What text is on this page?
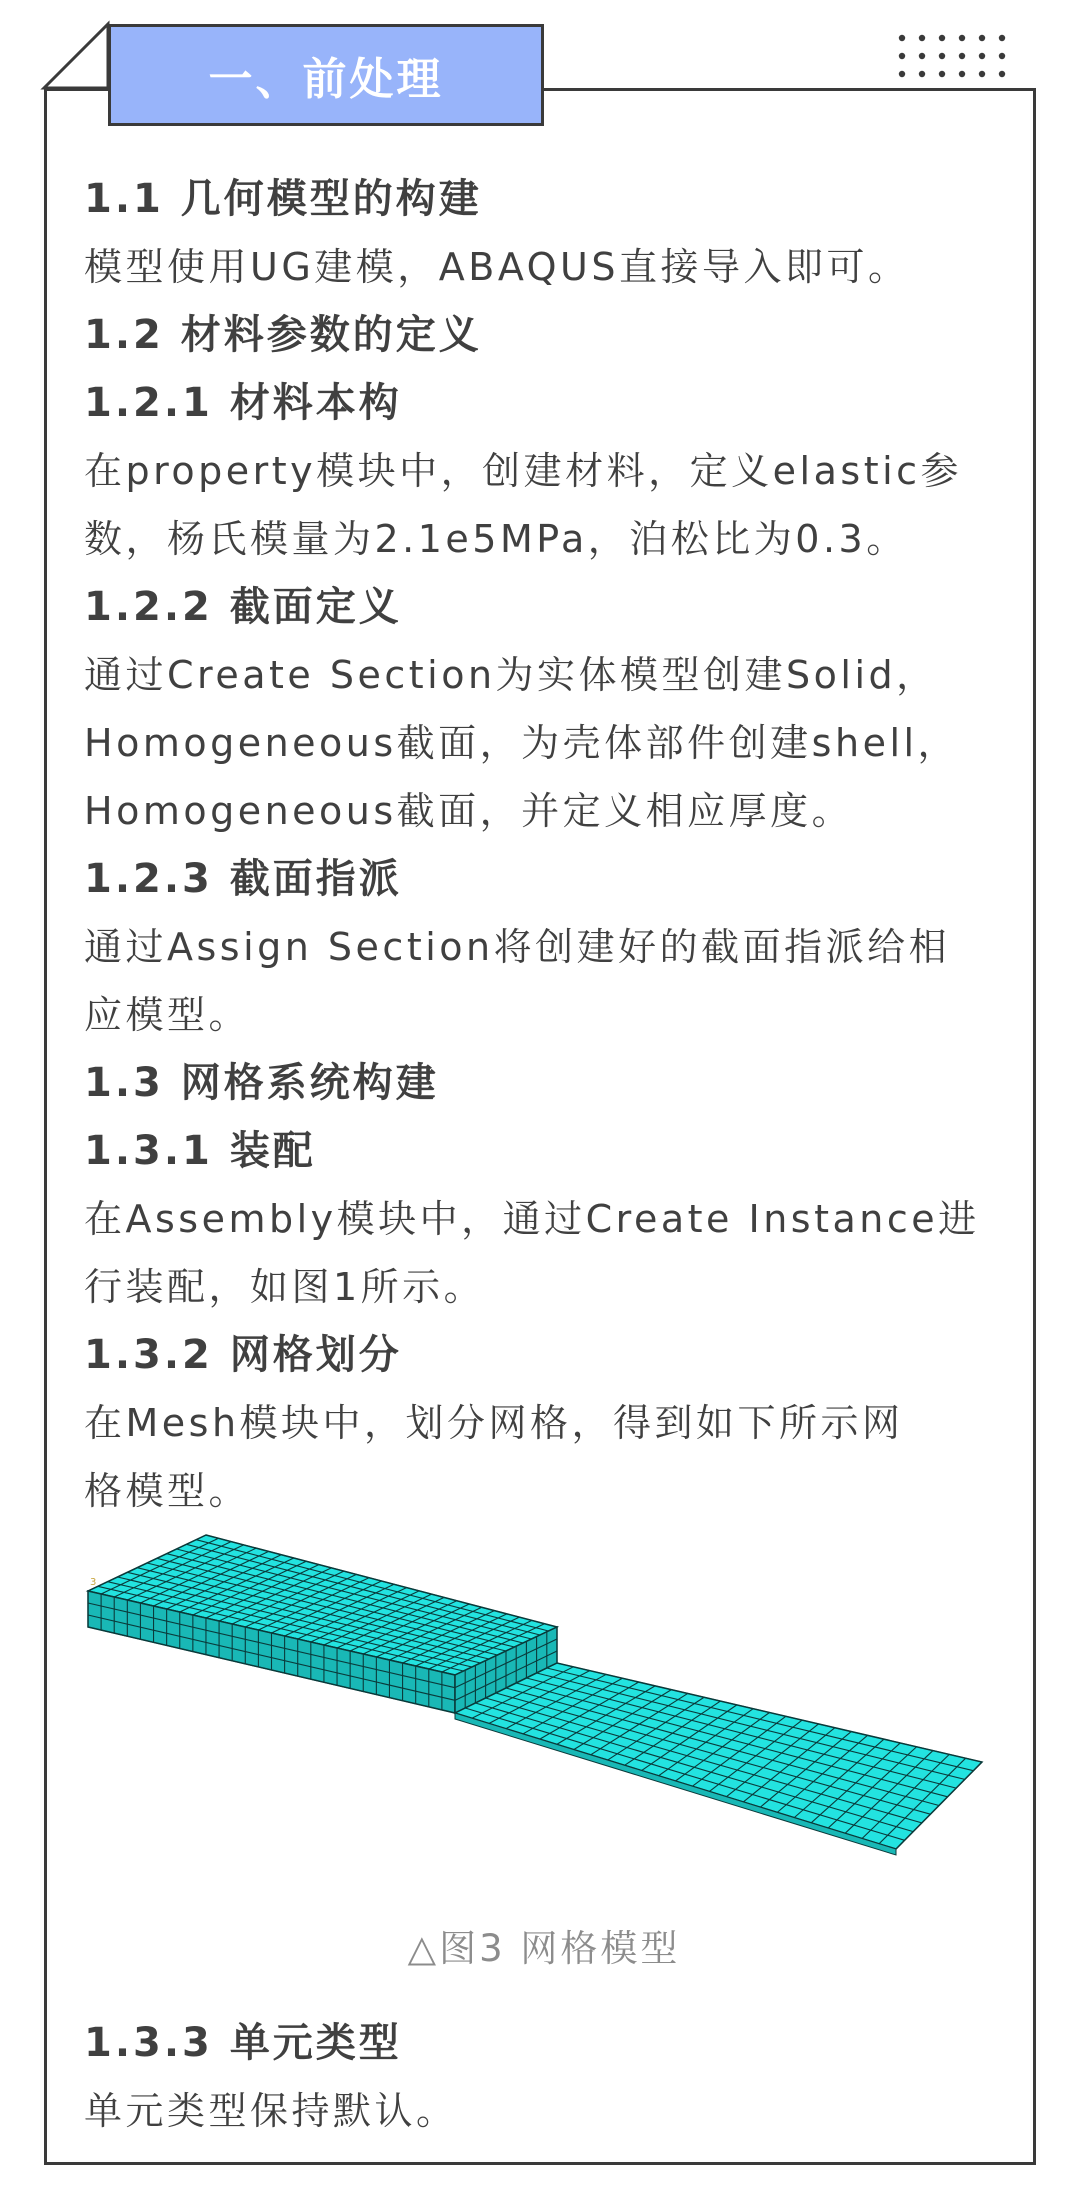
一、前处理

1.1 几何模型的构建

模型使用UG建模，ABAQUS直接导入即可。

1.2 材料参数的定义

1.2.1 材料本构

在property模块中，创建材料，定义elastic参

数，杨氏模量为2.1e5MPa，泊松比为0.3。

1.2.2 截面定义

通过Create Section为实体模型创建Solid，

Homogeneous截面，为壳体部件创建shell，

Homogeneous截面，并定义相应厚度。

1.2.3 截面指派

通过Assign Section将创建好的截面指派给相

应模型。

1.3 网格系统构建

1.3.1 装配

在Assembly模块中，通过Create Instance进

行装配，如图1所示。

1.3.2 网格划分

在Mesh模块中，划分网格，得到如下所示网

格模型。

3

△图3 网格模型

1.3.3 单元类型

单元类型保持默认。
